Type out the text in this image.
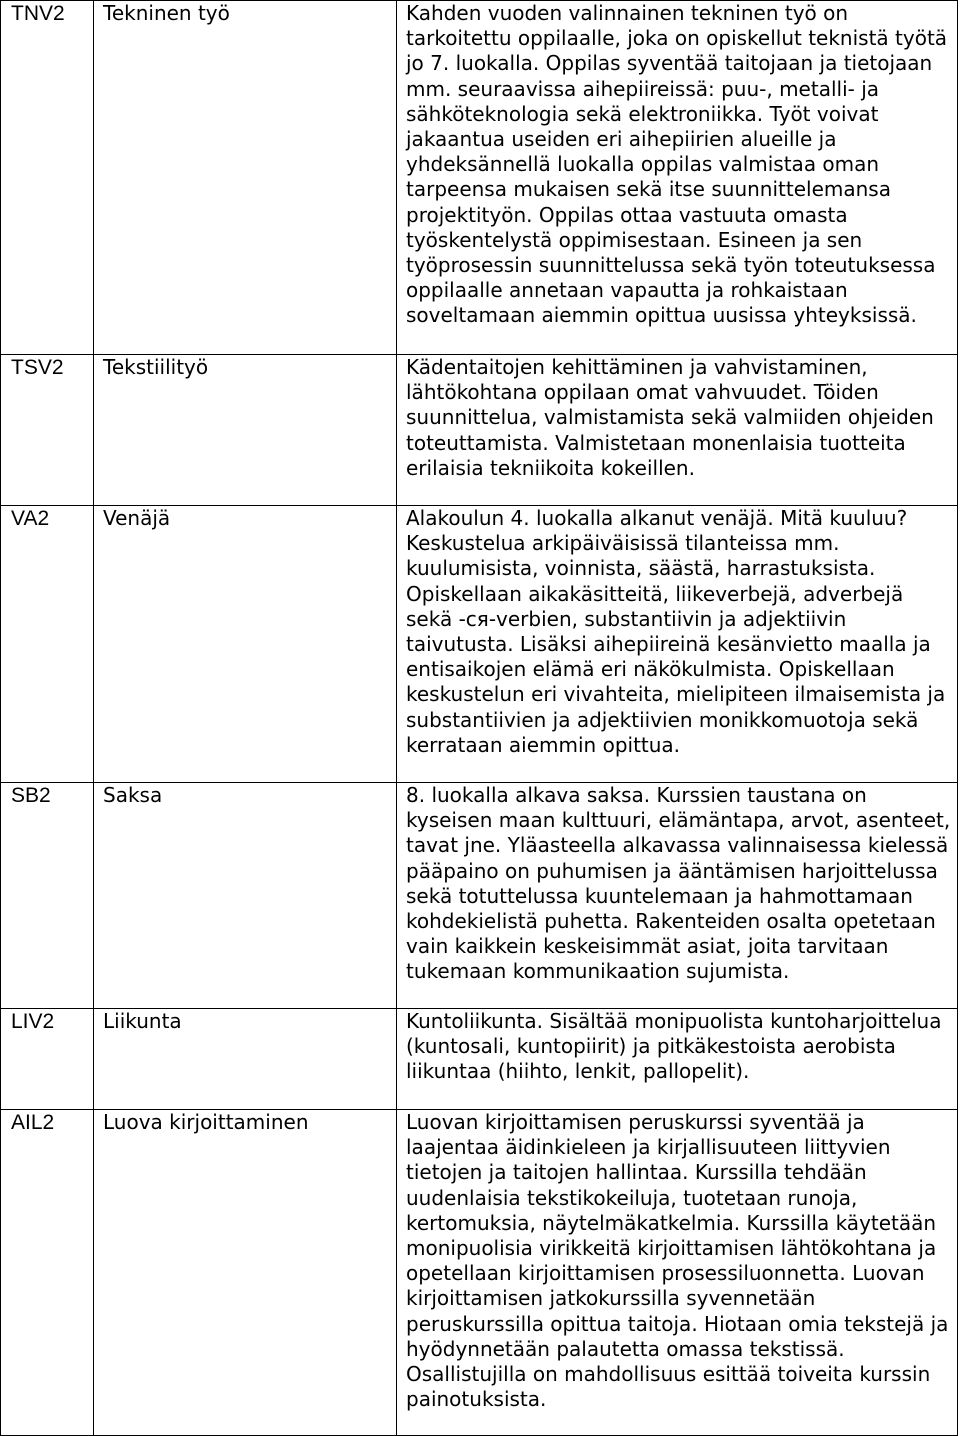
TNV2	Tekninen työ	Kahden vuoden valinnainen tekninen työ on tarkoitettu oppilaalle, joka on opiskellut teknistä työtä jo 7. luokalla. Oppilas syventää taitojaan ja tietojaan mm. seuraavissa aihepiireissä: puu-, metalli- ja sähköteknologia sekä elektroniikka. Työt voivat jakaantua useiden eri aihepiirien alueille ja yhdeksännellä luokalla oppilas valmistaa oman tarpeensa mukaisen sekä itse suunnittelemansa projektityön. Oppilas ottaa vastuuta omasta työskentelystä oppimisestaan. Esineen ja sen työprosessin suunnittelussa sekä työn toteutuksessa oppilaalle annetaan vapautta ja rohkaistaan soveltamaan aiemmin opittua uusissa yhteyksissä.

TSV2	Tekstiilityö	Kädentaitojen kehittäminen ja vahvistaminen, lähtökohtana oppilaan omat vahvuudet. Töiden suunnittelua, valmistamista sekä valmiiden ohjeiden toteuttamista. Valmistetaan monenlaisia tuotteita erilaisia tekniikoita kokeillen.

VA2	Venäjä	Alakoulun 4. luokalla alkanut venäjä. Mitä kuuluu? Keskustelua arkipäiväisissä tilanteissa mm. kuulumisista, voinnista, säästä, harrastuksista. Opiskellaan aikakäsitteitä, liikeverbejä, adverbejä sekä -ся-verbien, substantiivin ja adjektiivin taivutusta. Lisäksi aihepiireinä kesänvietto maalla ja entisaikojen elämä eri näkökulmista. Opiskellaan keskustelun eri vivahteita, mielipiteen ilmaisemista ja substantiivien ja adjektiivien monikkomuotoja sekä kerrataan aiemmin opittua.

SB2	Saksa	8. luokalla alkava saksa. Kurssien taustana on kyseisen maan kulttuuri, elämäntapa, arvot, asenteet, tavat jne. Yläasteella alkavassa valinnaisessa kielessä pääpaino on puhumisen ja ääntämisen harjoittelussa sekä totuttelussa kuuntelemaan ja hahmottamaan kohdekielistä puhetta. Rakenteiden osalta opetetaan vain kaikkein keskeisimmät asiat, joita tarvitaan tukemaan kommunikaation sujumista.

LIV2	Liikunta	Kuntoliikunta. Sisältää monipuolista kuntoharjoittelua (kuntosali, kuntopiirit) ja pitkäkestoista aerobista liikuntaa (hiihto, lenkit, pallopelit).

AIL2	Luova kirjoittaminen	Luovan kirjoittamisen peruskurssi syventää ja laajentaa äidinkieleen ja kirjallisuuteen liittyvien tietojen ja taitojen hallintaa. Kurssilla tehdään uudenlaisia tekstikokeiluja, tuotetaan runoja, kertomuksia, näytelmäkatkelmia. Kurssilla käytetään monipuolisia virikkeitä kirjoittamisen lähtökohtana ja opetellaan kirjoittamisen prosessiluonnetta. Luovan kirjoittamisen jatkokurssilla syvennetään peruskurssilla opittua taitoja. Hiotaan omia tekstejä ja hyödynnetään palautetta omassa tekstissä. Osallistujilla on mahdollisuus esittää toiveita kurssin painotuksista.
